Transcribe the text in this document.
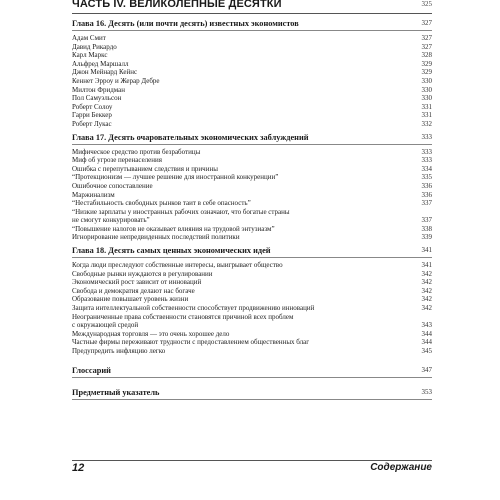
ЧАСТЬ IV. ВЕЛИКОЛЕПНЫЕ ДЕСЯТКИ	325
Глава 16. Десять (или почти десять) известных экономистов	327
Адам Смит	327
Давид Рикардо	327
Карл Маркс	328
Альфред Маршалл	329
Джон Мейнард Кейнс	329
Кеннет Эрроу и Жерар Дебре	330
Милтон Фридман	330
Пол Самуэльсон	330
Роберт Солоу	331
Гарри Беккер	331
Роберт Лукас	332
Глава 17. Десять очаровательных экономических заблуждений	333
Мифическое средство против безработицы	333
Миф об угрозе перенаселения	333
Ошибка с перепутыванием следствия и причины	334
“Протекционизм — лучшее решение для иностранной конкуренции”	335
Ошибочное сопоставление	336
Маржинализм	336
“Нестабильность свободных рынков таит в себе опасность”	337
“Низкие зарплаты у иностранных рабочих означают, что богатые страны
не смогут конкурировать”	337
“Повышение налогов не оказывает влияния на трудовой энтузиазм”	338
Игнорирование непредвиденных последствий политики	339
Глава 18. Десять самых ценных экономических идей	341
Когда люди преследуют собственные интересы, выигрывает общество	341
Свободные рынки нуждаются в регулировании	342
Экономический рост зависит от инноваций	342
Свобода и демократия делают нас богаче	342
Образование повышает уровень жизни	342
Защита интеллектуальной собственности способствует продвижению инноваций	342
Неограниченные права собственности становятся причиной всех проблем
с окружающей средой	343
Международная торговля — это очень хорошее дело	344
Частные фирмы переживают трудности с предоставлением общественных благ	344
Предупредить инфляцию легко	345
Глоссарий	347
Предметный указатель	353
12	Содержание
